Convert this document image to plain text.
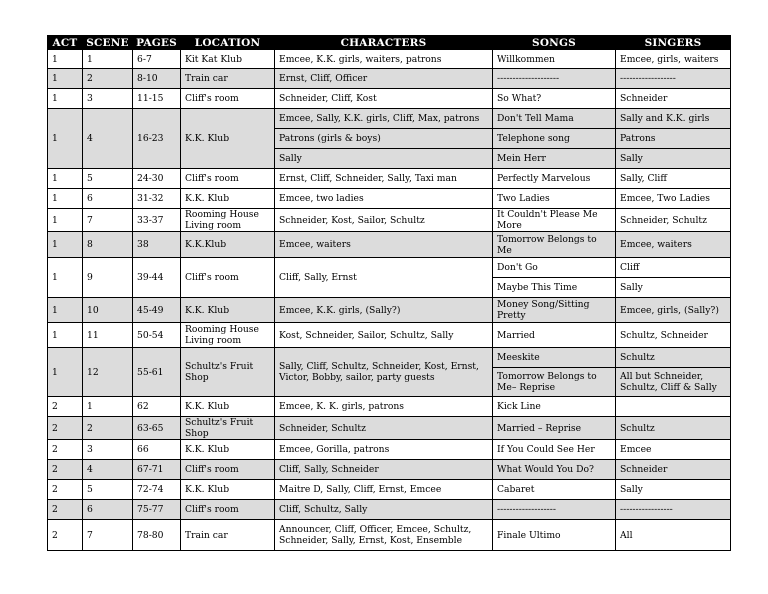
ACT	SCENE	PAGES	LOCATION	CHARACTERS	SONGS	SINGERS
1	1	6-7	Kit Kat Klub	Emcee, K.K. girls, waiters, patrons	Willkommen	Emcee, girls, waiters
1	2	8-10	Train car	Ernst, Cliff, Officer	--------------------	------------------
1	3	11-15	Cliff's room	Schneider, Cliff, Kost	So What?	Schneider
1	4	16-23	K.K. Klub	Emcee, Sally, K.K. girls, Cliff, Max, patrons	Don't Tell Mama	Sally and K.K. girls
				Patrons (girls & boys)	Telephone song	Patrons
				Sally	Mein Herr	Sally
1	5	24-30	Cliff's room	Ernst, Cliff, Schneider, Sally, Taxi man	Perfectly Marvelous	Sally, Cliff
1	6	31-32	K.K. Klub	Emcee, two ladies	Two Ladies	Emcee, Two Ladies
1	7	33-37	Rooming House Living room	Schneider, Kost, Sailor, Schultz	It Couldn't Please Me More	Schneider, Schultz
1	8	38	K.K.Klub	Emcee, waiters	Tomorrow Belongs to Me	Emcee, waiters
1	9	39-44	Cliff's room	Cliff, Sally, Ernst	Don't Go	Cliff
					Maybe This Time	Sally
1	10	45-49	K.K. Klub	Emcee, K.K. girls, (Sally?)	Money Song/Sitting Pretty	Emcee, girls, (Sally?)
1	11	50-54	Rooming House Living room	Kost, Schneider, Sailor, Schultz, Sally	Married	Schultz, Schneider
1	12	55-61	Schultz's Fruit Shop	Sally, Cliff, Schultz, Schneider, Kost, Ernst, Victor, Bobby, sailor, party guests	Meeskite	Schultz
					Tomorrow Belongs to Me– Reprise	All but Schneider, Schultz, Cliff & Sally
2	1	62	K.K. Klub	Emcee, K. K. girls, patrons	Kick Line	
2	2	63-65	Schultz's Fruit Shop	Schneider, Schultz	Married – Reprise	Schultz
2	3	66	K.K. Klub	Emcee, Gorilla, patrons	If You Could See Her	Emcee
2	4	67-71	Cliff's room	Cliff, Sally, Schneider	What Would You Do?	Schneider
2	5	72-74	K.K. Klub	Maitre D, Sally, Cliff, Ernst, Emcee	Cabaret	Sally
2	6	75-77	Cliff's room	Cliff, Schultz, Sally	-------------------	-----------------
2	7	78-80	Train car	Announcer, Cliff, Officer, Emcee, Schultz, Schneider, Sally, Ernst, Kost, Ensemble	Finale Ultimo	All
